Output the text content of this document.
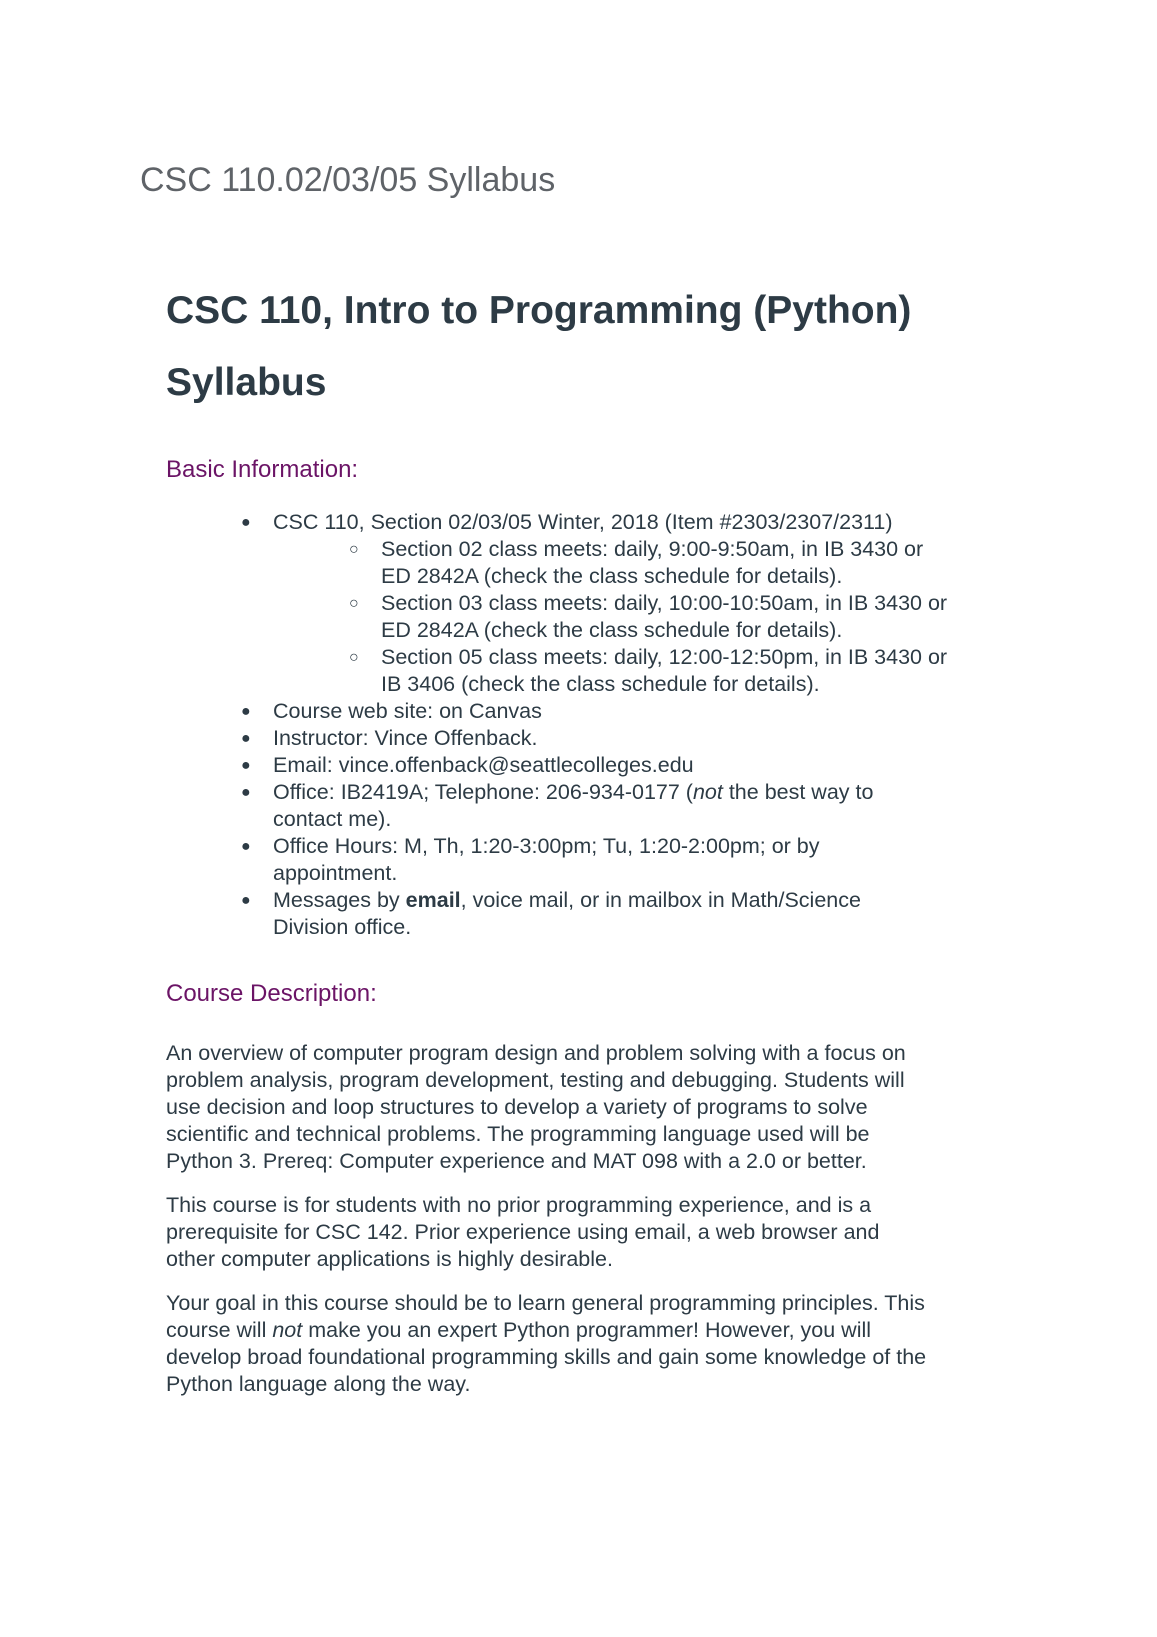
CSC 110.02/03/05 Syllabus
CSC 110, Intro to Programming (Python)
Syllabus
Basic Information:
● CSC 110, Section 02/03/05 Winter, 2018 (Item #2303/2307/2311)
○ Section 02 class meets: daily, 9:00-9:50am, in IB 3430 or
ED 2842A (check the class schedule for details).
○ Section 03 class meets: daily, 10:00-10:50am, in IB 3430 or
ED 2842A (check the class schedule for details).
○ Section 05 class meets: daily, 12:00-12:50pm, in IB 3430 or
IB 3406 (check the class schedule for details).
● Course web site: on Canvas
● Instructor: Vince Offenback.
● Email: vince.offenback@seattlecolleges.edu
● Office: IB2419A; Telephone: 206-934-0177 (not the best way to
contact me).
● Office Hours: M, Th, 1:20-3:00pm; Tu, 1:20-2:00pm; or by
appointment.
● Messages by email, voice mail, or in mailbox in Math/Science
Division office.
Course Description:

An overview of computer program design and problem solving with a focus on
problem analysis, program development, testing and debugging. Students will
use decision and loop structures to develop a variety of programs to solve
scientific and technical problems. The programming language used will be
Python 3. Prereq: Computer experience and MAT 098 with a 2.0 or better.

This course is for students with no prior programming experience, and is a
prerequisite for CSC 142. Prior experience using email, a web browser and
other computer applications is highly desirable.

Your goal in this course should be to learn general programming principles. This
course will not make you an expert Python programmer! However, you will
develop broad foundational programming skills and gain some knowledge of the
Python language along the way.
